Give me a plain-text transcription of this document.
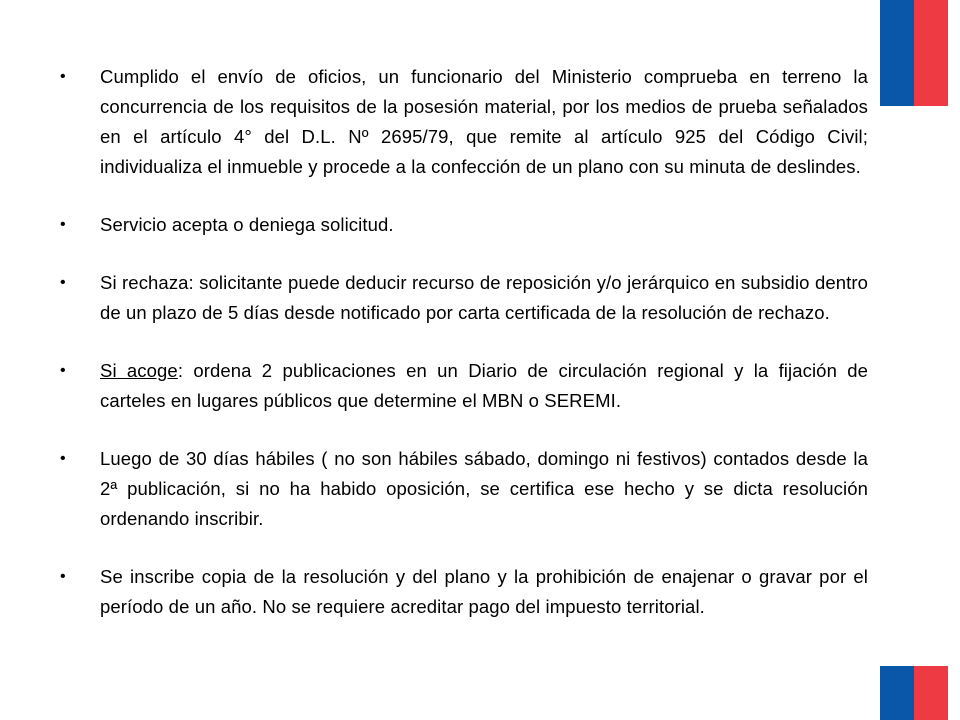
•	Cumplido el envío de oficios, un funcionario del Ministerio comprueba en terreno la concurrencia de los requisitos de la posesión material, por los medios de prueba señalados en el artículo 4° del D.L. Nº 2695/79, que remite al artículo 925 del Código Civil; individualiza el inmueble y procede a la confección de un plano con su minuta de deslindes.
•	Servicio acepta o deniega solicitud.
•	Si rechaza: solicitante puede deducir recurso de reposición y/o jerárquico en subsidio dentro de un plazo de 5 días desde notificado por carta certificada de la resolución de rechazo.
•	Si acoge: ordena 2 publicaciones en un Diario de circulación regional y la fijación de carteles en lugares públicos que determine el MBN o SEREMI.
•	Luego de 30 días hábiles ( no son hábiles sábado, domingo ni festivos) contados desde la 2ª publicación, si no ha habido oposición, se certifica ese hecho y se dicta resolución ordenando inscribir.
•	Se inscribe copia de la resolución y del plano y la prohibición de enajenar o gravar por el período de un año. No se requiere acreditar pago del impuesto territorial.
